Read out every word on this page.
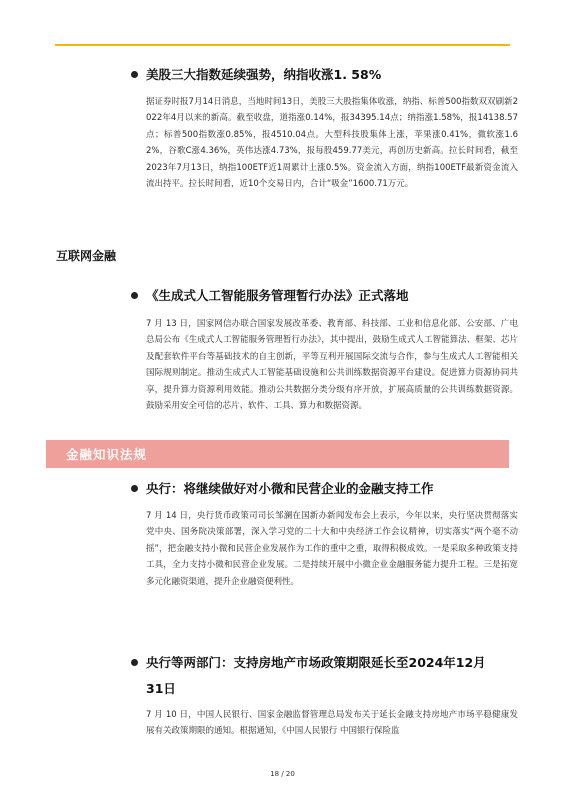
美股三大指数延续强势，纳指收涨1. 58%
据证券时报7月14日消息，当地时间13日，美股三大股指集体收涨，纳指、标普500指数双双刷新2022年4月以来的新高。截至收盘，道指涨0.14%，报34395.14点；纳指涨1.58%，报14138.57点；标普500指数涨0.85%，报4510.04点。大型科技股集体上涨，苹果涨0.41%，微软涨1.62%，谷歌C涨4.36%，英伟达涨4.73%，报每股459.77美元，再创历史新高。拉长时间看，截至2023年7月13日，纳指100ETF近1周累计上涨0.5%。资金流入方面，纳指100ETF最新资金流入流出持平。拉长时间看，近10个交易日内，合计“吸金”1600.71万元。
互联网金融
《生成式人工智能服务管理暂行办法》正式落地
7 月 13 日，国家网信办联合国家发展改革委、教育部、科技部、工业和信息化部、公安部、广电总局公布《生成式人工智能服务管理暂行办法》，其中提出，鼓励生成式人工智能算法、框架、芯片及配套软件平台等基础技术的自主创新，平等互利开展国际交流与合作，参与生成式人工智能相关国际规则制定。推动生成式人工智能基础设施和公共训练数据资源平台建设。促进算力资源协同共享，提升算力资源利用效能。推动公共数据分类分级有序开放，扩展高质量的公共训练数据资源。鼓励采用安全可信的芯片、软件、工具、算力和数据资源。
金融知识法规
央行：将继续做好对小微和民营企业的金融支持工作
7 月 14 日，央行货币政策司司长邹澜在国新办新闻发布会上表示，今年以来，央行坚决贯彻落实党中央、国务院决策部署，深入学习党的二十大和中央经济工作会议精神，切实落实“两个毫不动摇”，把金融支持小微和民营企业发展作为工作的重中之重，取得积极成效。一是采取多种政策支持工具，全力支持小微和民营企业发展。二是持续开展中小微企业金融服务能力提升工程。三是拓宽多元化融资渠道，提升企业融资便利性。
央行等两部门：支持房地产市场政策期限延长至2024年12月
31日
7 月 10 日，中国人民银行、国家金融监督管理总局发布关于延长金融支持房地产市场平稳健康发展有关政策期限的通知。根据通知，《中国人民银行 中国银行保险监
18 / 20
